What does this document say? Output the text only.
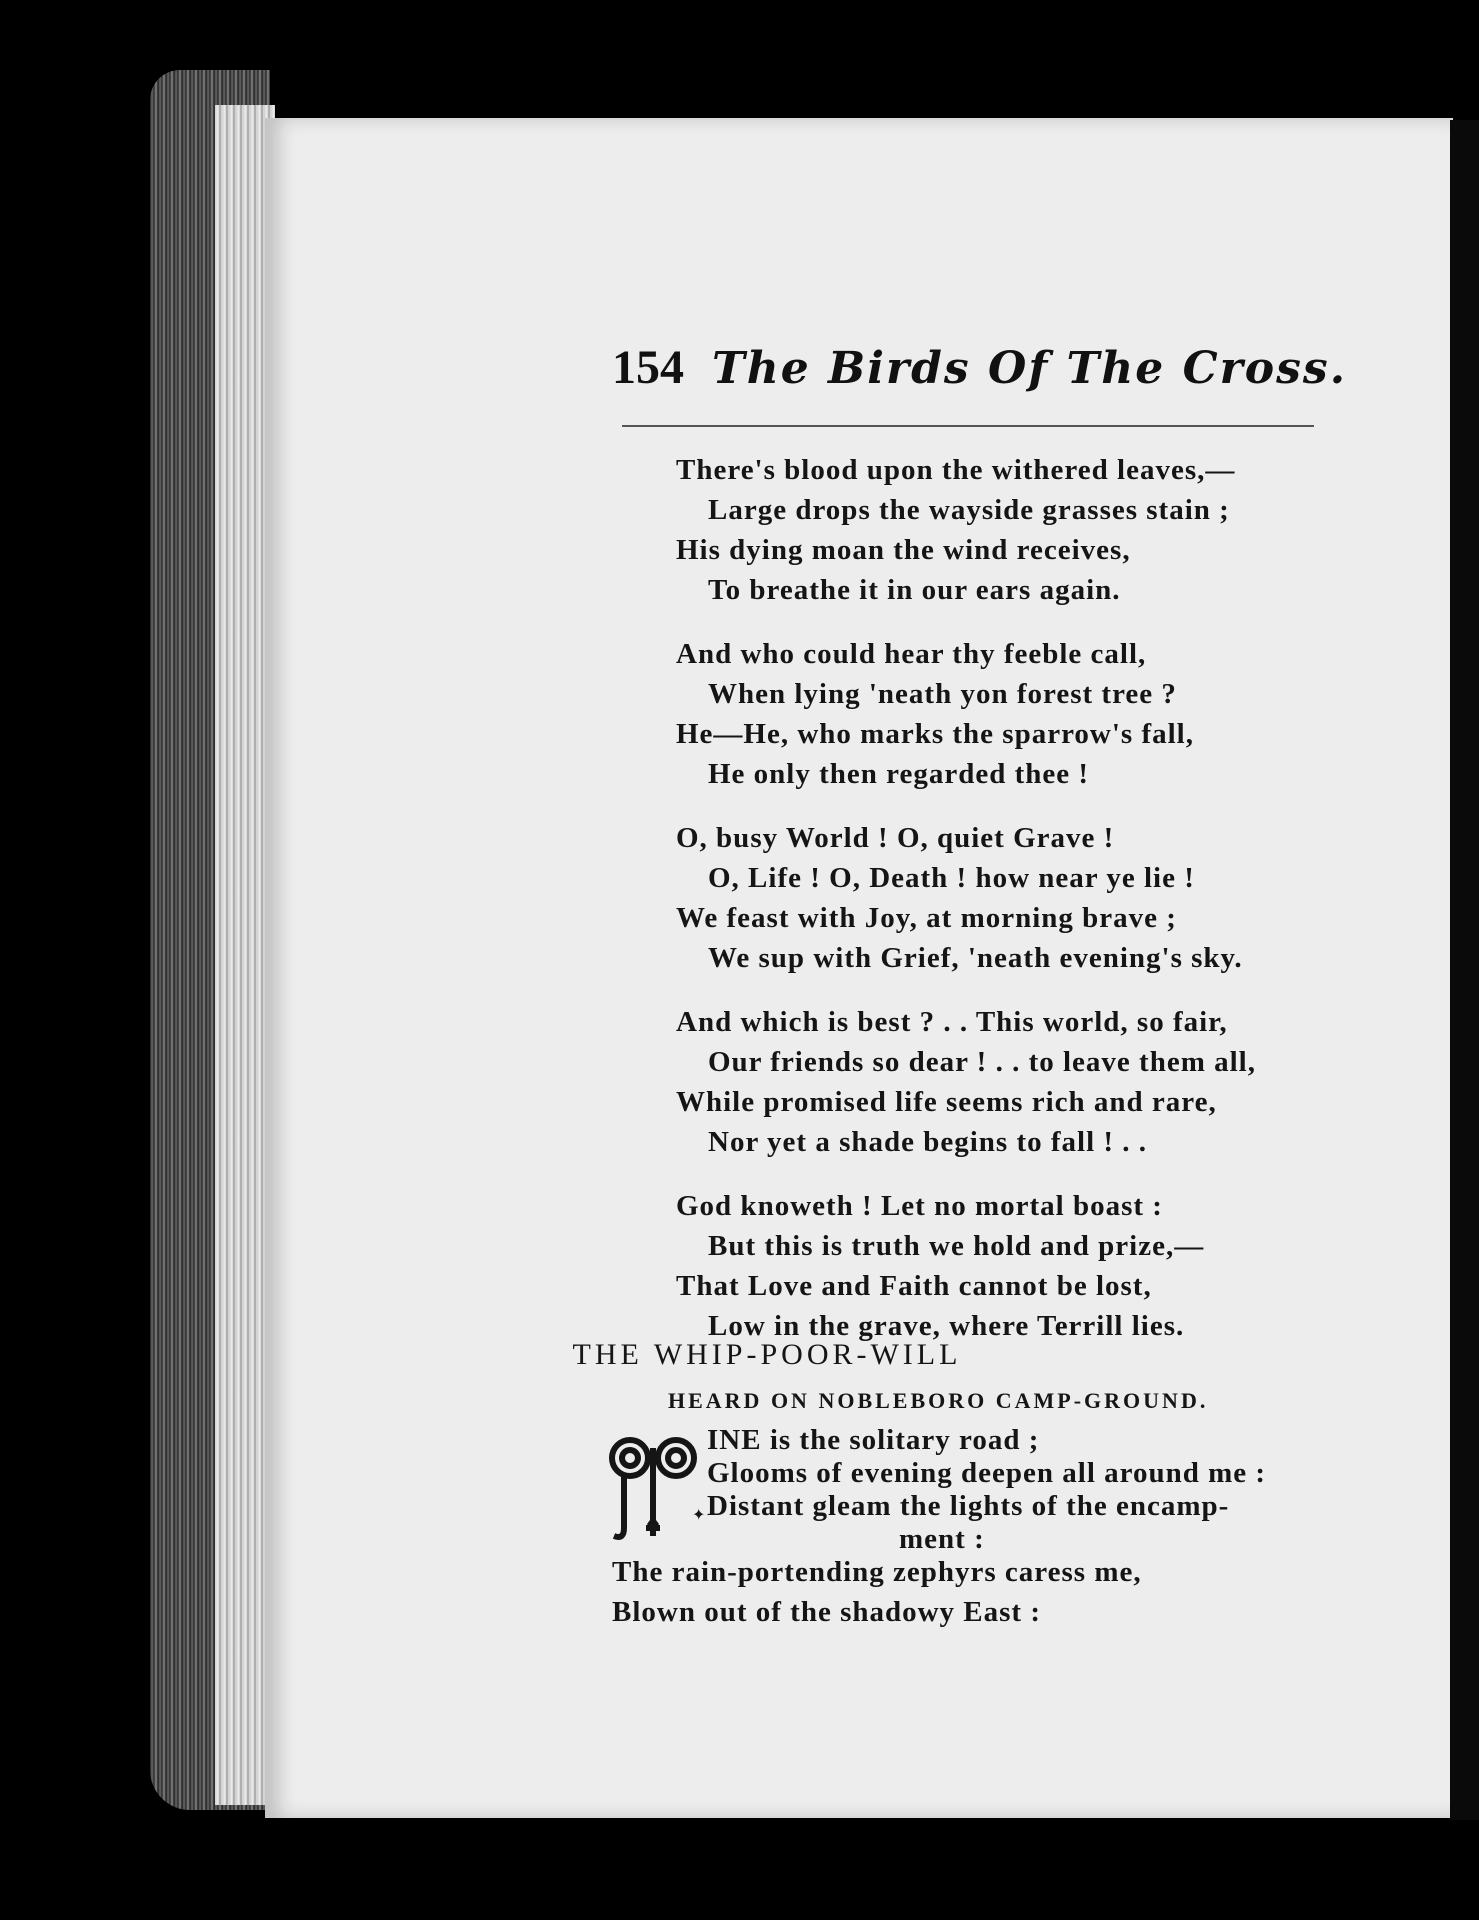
154 The Birds Of The Cross.
There's blood upon the withered leaves,—
Large drops the wayside grasses stain ;
His dying moan the wind receives,
To breathe it in our ears again.
And who could hear thy feeble call,
When lying 'neath yon forest tree ?
He—He, who marks the sparrow's fall,
He only then regarded thee !
O, busy World ! O, quiet Grave !
O, Life ! O, Death ! how near ye lie !
We feast with Joy, at morning brave ;
We sup with Grief, 'neath evening's sky.
And which is best ? . . This world, so fair,
Our friends so dear ! . . to leave them all,
While promised life seems rich and rare,
Nor yet a shade begins to fall ! . .
God knoweth ! Let no mortal boast :
But this is truth we hold and prize,—
That Love and Faith cannot be lost,
Low in the grave, where Terrill lies.
THE WHIP-POOR-WILL
HEARD ON NOBLEBORO CAMP-GROUND.
✦
INE is the solitary road ;
Glooms of evening deepen all around me :
Distant gleam the lights of the encamp-
ment :
The rain-portending zephyrs caress me,
Blown out of the shadowy East :
